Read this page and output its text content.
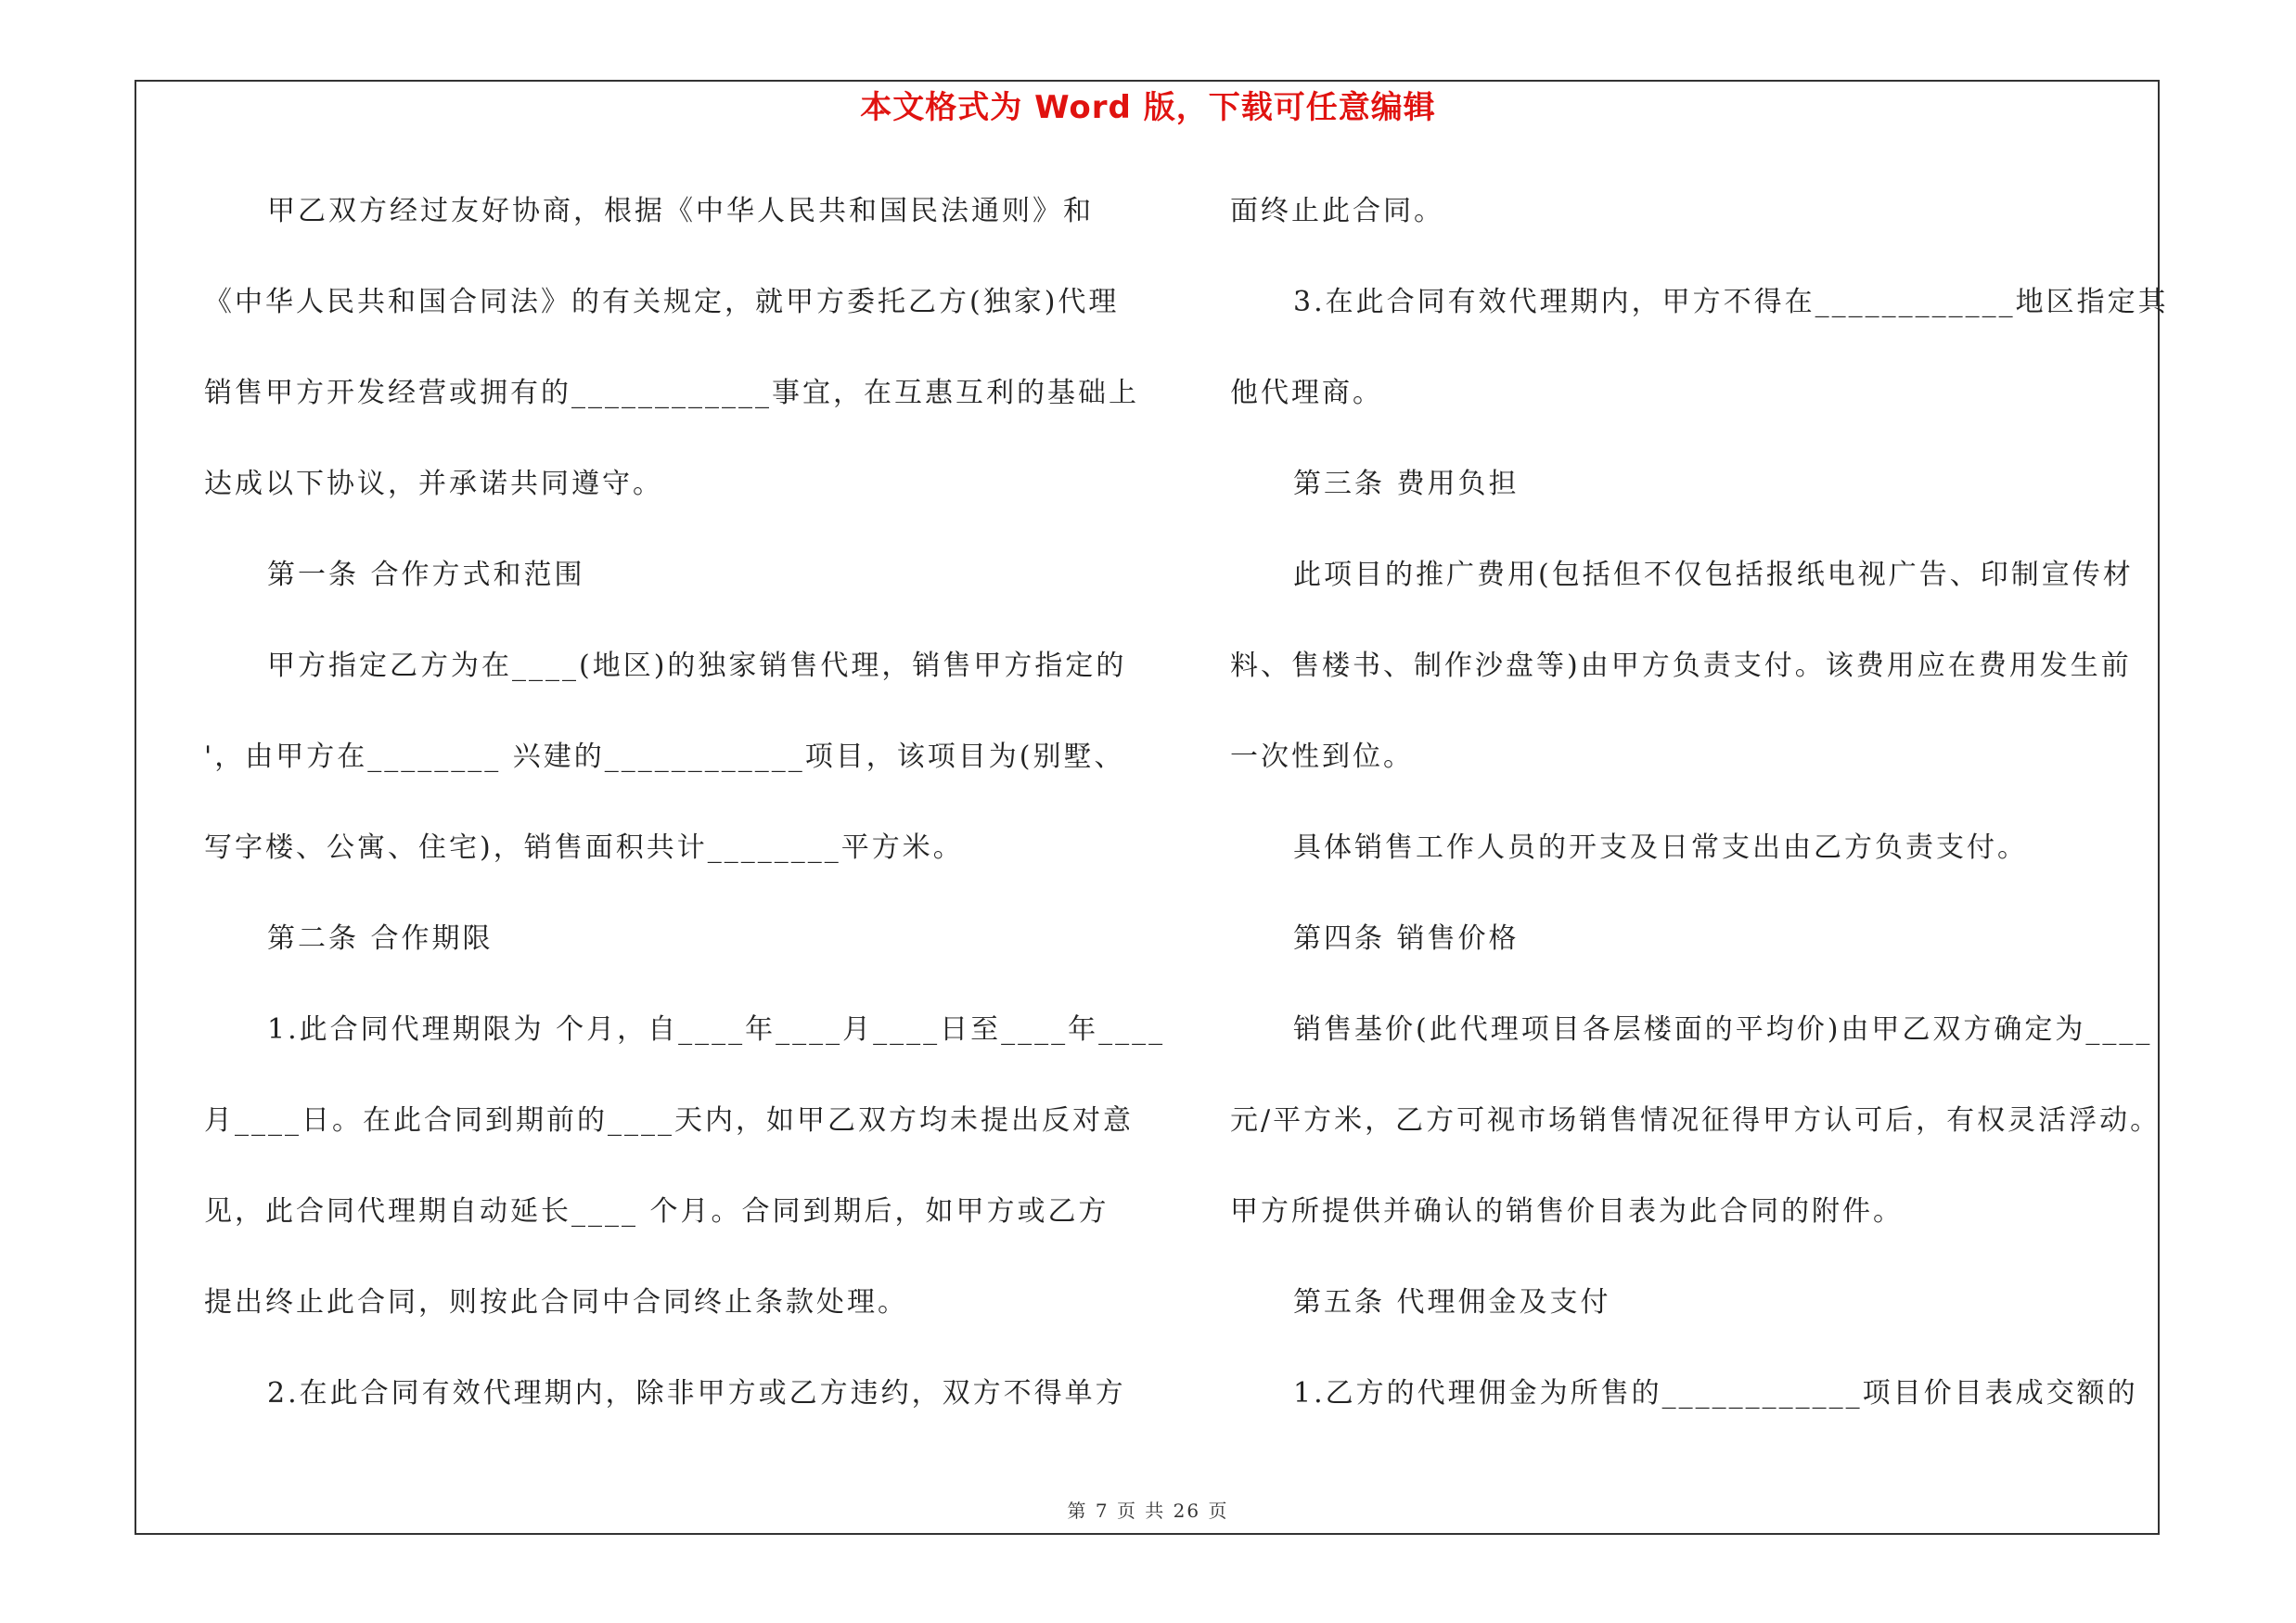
本文格式为 Word 版，下载可任意编辑
甲乙双方经过友好协商，根据《中华人民共和国民法通则》和
《中华人民共和国合同法》的有关规定，就甲方委托乙方(独家)代理
销售甲方开发经营或拥有的____________事宜，在互惠互利的基础上
达成以下协议，并承诺共同遵守。
第一条 合作方式和范围
甲方指定乙方为在____(地区)的独家销售代理，销售甲方指定的
'，由甲方在________ 兴建的____________项目，该项目为(别墅、
写字楼、公寓、住宅)，销售面积共计________平方米。
第二条 合作期限
1.此合同代理期限为 个月，自____年____月____日至____年____
月____日。在此合同到期前的____天内，如甲乙双方均未提出反对意
见，此合同代理期自动延长____ 个月。合同到期后，如甲方或乙方
提出终止此合同，则按此合同中合同终止条款处理。
2.在此合同有效代理期内，除非甲方或乙方违约，双方不得单方
面终止此合同。
3.在此合同有效代理期内，甲方不得在____________地区指定其
他代理商。
第三条 费用负担
此项目的推广费用(包括但不仅包括报纸电视广告、印制宣传材
料、售楼书、制作沙盘等)由甲方负责支付。该费用应在费用发生前
一次性到位。
具体销售工作人员的开支及日常支出由乙方负责支付。
第四条 销售价格
销售基价(此代理项目各层楼面的平均价)由甲乙双方确定为____
元/平方米，乙方可视市场销售情况征得甲方认可后，有权灵活浮动。
甲方所提供并确认的销售价目表为此合同的附件。
第五条 代理佣金及支付
1.乙方的代理佣金为所售的____________项目价目表成交额的
第 7 页 共 26 页
